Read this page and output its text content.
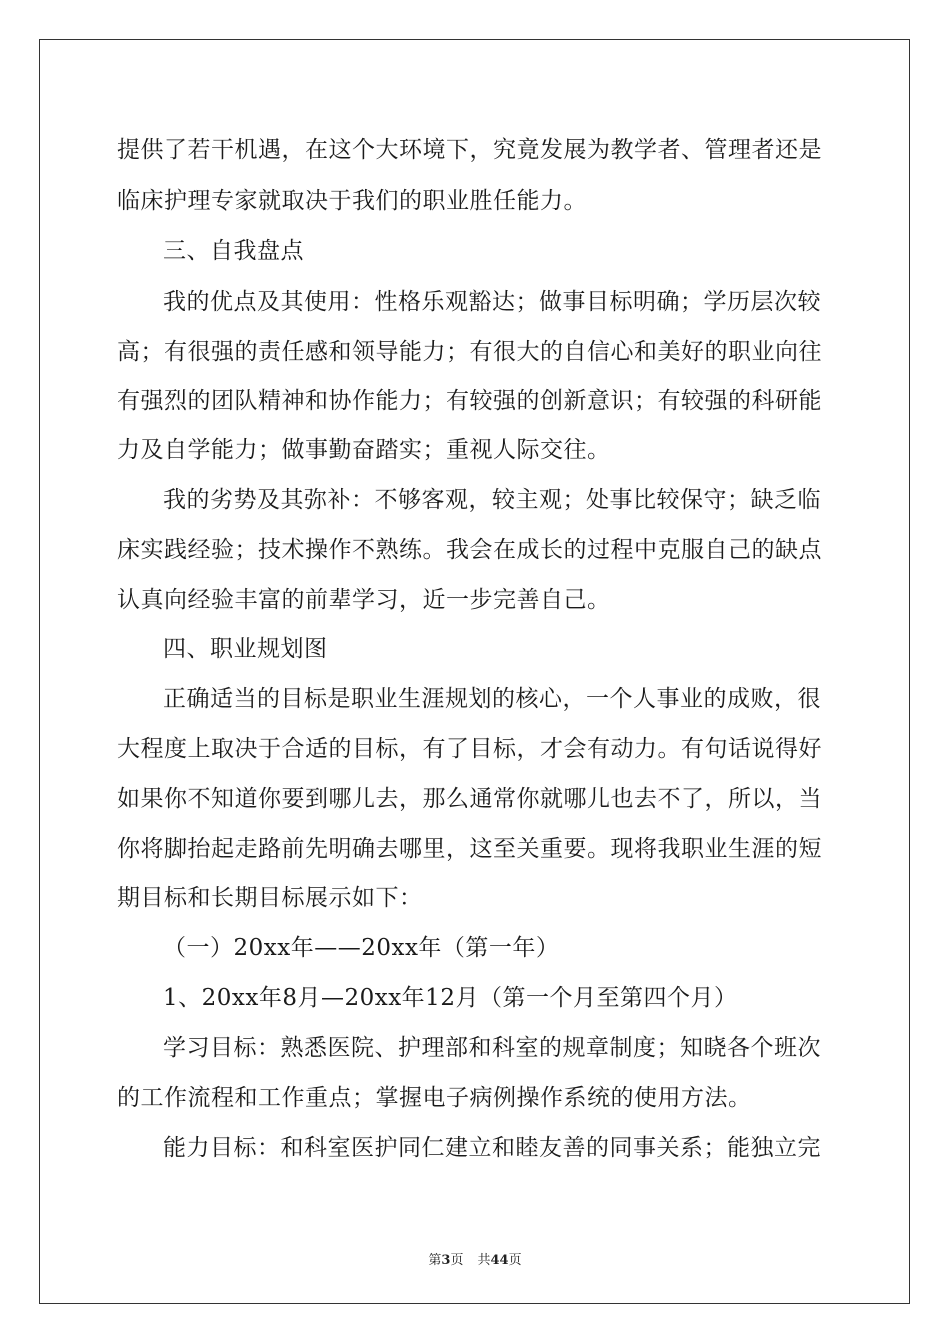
提供了若干机遇，在这个大环境下，究竟发展为教学者、管理者还是
临床护理专家就取决于我们的职业胜任能力。
三、自我盘点
我的优点及其使用：性格乐观豁达；做事目标明确；学历层次较
高；有很强的责任感和领导能力；有很大的自信心和美好的职业向往
有强烈的团队精神和协作能力；有较强的创新意识；有较强的科研能
力及自学能力；做事勤奋踏实；重视人际交往。
我的劣势及其弥补：不够客观，较主观；处事比较保守；缺乏临
床实践经验；技术操作不熟练。我会在成长的过程中克服自己的缺点
认真向经验丰富的前辈学习，近一步完善自己。
四、职业规划图
正确适当的目标是职业生涯规划的核心，一个人事业的成败，很
大程度上取决于合适的目标，有了目标，才会有动力。有句话说得好
如果你不知道你要到哪儿去，那么通常你就哪儿也去不了，所以，当
你将脚抬起走路前先明确去哪里，这至关重要。现将我职业生涯的短
期目标和长期目标展示如下：
（一）20xx年——20xx年（第一年）
1、20xx年8月—20xx年12月（第一个月至第四个月）
学习目标：熟悉医院、护理部和科室的规章制度；知晓各个班次
的工作流程和工作重点；掌握电子病例操作系统的使用方法。
能力目标：和科室医护同仁建立和睦友善的同事关系；能独立完
第3页 共44页
